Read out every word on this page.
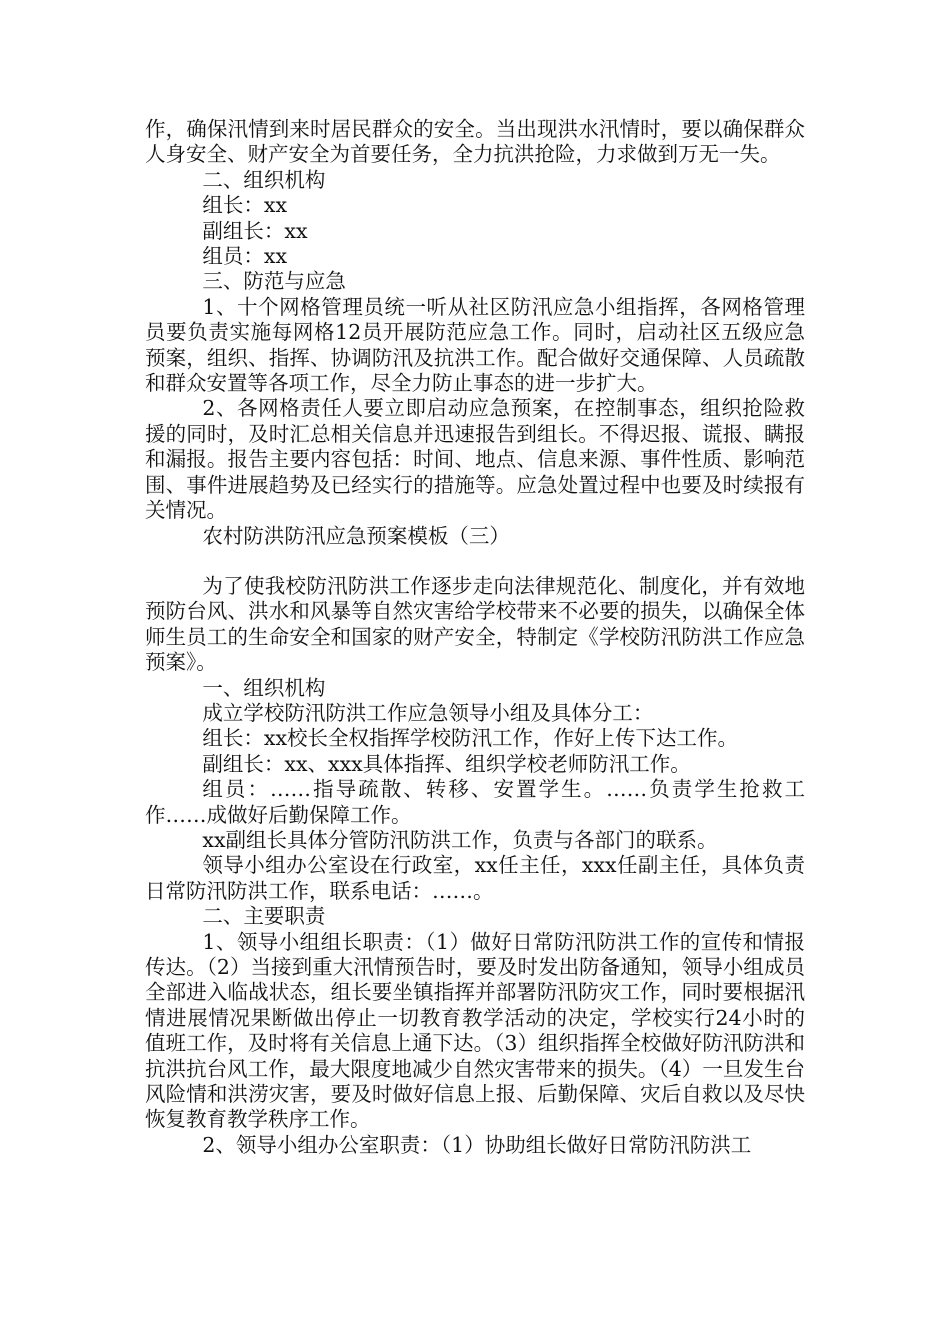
作，确保汛情到来时居民群众的安全。当出现洪水汛情时，要以确保群众人身安全、财产安全为首要任务，全力抗洪抢险，力求做到万无一失。

二、组织机构

组长：xx

副组长：xx

组员：xx

三、防范与应急

1、十个网格管理员统一听从社区防汛应急小组指挥，各网格管理员要负责实施每网格12员开展防范应急工作。同时，启动社区五级应急预案，组织、指挥、协调防汛及抗洪工作。配合做好交通保障、人员疏散和群众安置等各项工作，尽全力防止事态的进一步扩大。

2、各网格责任人要立即启动应急预案，在控制事态，组织抢险救援的同时，及时汇总相关信息并迅速报告到组长。不得迟报、谎报、瞒报和漏报。报告主要内容包括：时间、地点、信息来源、事件性质、影响范围、事件进展趋势及已经实行的措施等。应急处置过程中也要及时续报有关情况。

农村防洪防汛应急预案模板（三）

为了使我校防汛防洪工作逐步走向法律规范化、制度化，并有效地预防台风、洪水和风暴等自然灾害给学校带来不必要的损失，以确保全体师生员工的生命安全和国家的财产安全，特制定《学校防汛防洪工作应急预案》。

一、组织机构

成立学校防汛防洪工作应急领导小组及具体分工：

组长：xx校长全权指挥学校防汛工作，作好上传下达工作。

副组长：xx、xxx具体指挥、组织学校老师防汛工作。

组员：……指导疏散、转移、安置学生。……负责学生抢救工作……成做好后勤保障工作。

xx副组长具体分管防汛防洪工作，负责与各部门的联系。

领导小组办公室设在行政室，xx任主任，xxx任副主任，具体负责日常防汛防洪工作，联系电话：……。

二、主要职责

1、领导小组组长职责：（1）做好日常防汛防洪工作的宣传和情报传达。（2）当接到重大汛情预告时，要及时发出防备通知，领导小组成员全部进入临战状态，组长要坐镇指挥并部署防汛防灾工作，同时要根据汛情进展情况果断做出停止一切教育教学活动的决定，学校实行24小时的值班工作，及时将有关信息上通下达。（3）组织指挥全校做好防汛防洪和抗洪抗台风工作，最大限度地减少自然灾害带来的损失。（4）一旦发生台风险情和洪涝灾害，要及时做好信息上报、后勤保障、灾后自救以及尽快恢复教育教学秩序工作。

2、领导小组办公室职责：（1）协助组长做好日常防汛防洪工
